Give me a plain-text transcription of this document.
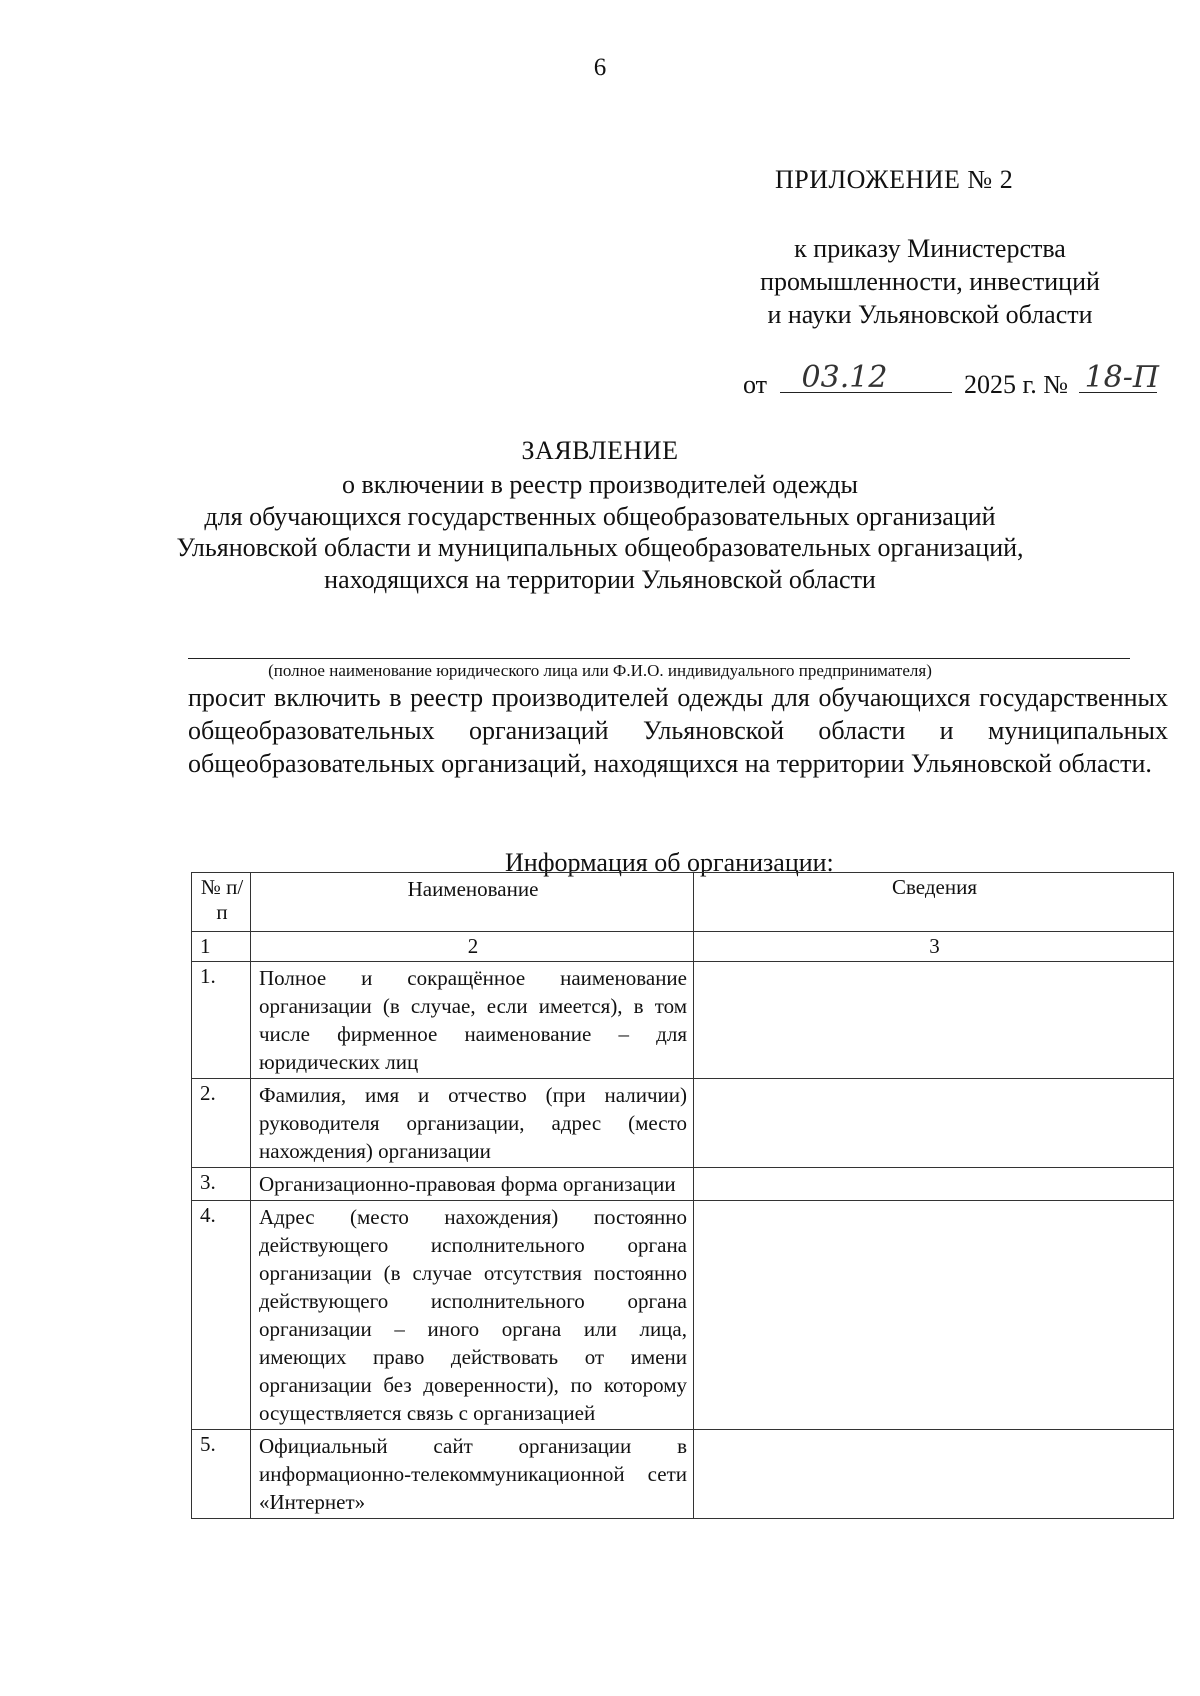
6
ПРИЛОЖЕНИЕ № 2
к приказу Министерства
промышленности, инвестиций
и науки Ульяновской области
от 03.12	2025 г. № 18-П
ЗАЯВЛЕНИЕ
о включении в реестр производителей одежды
для обучающихся государственных общеобразовательных организаций
Ульяновской области и муниципальных общеобразовательных организаций,
находящихся на территории Ульяновской области
(полное наименование юридического лица или Ф.И.О. индивидуального предпринимателя)
просит включить в реестр производителей одежды для обучающихся государственных общеобразовательных организаций Ульяновской области и муниципальных общеобразовательных организаций, находящихся на территории Ульяновской области.
Информация об организации:
№ п/п	Наименование	Сведения
1	2	3
1.	Полное и сокращённое наименование организации (в случае, если имеется), в том числе фирменное наименование – для юридических лиц	
2.	Фамилия, имя и отчество (при наличии) руководителя организации, адрес (место нахождения) организации	
3.	Организационно-правовая форма организации	
4.	Адрес (место нахождения) постоянно действующего исполнительного органа организации (в случае отсутствия постоянно действующего исполнительного органа организации – иного органа или лица, имеющих право действовать от имени организации без доверенности), по которому осуществляется связь с организацией	
5.	Официальный сайт организации в информационно-телекоммуникационной сети «Интернет»	
